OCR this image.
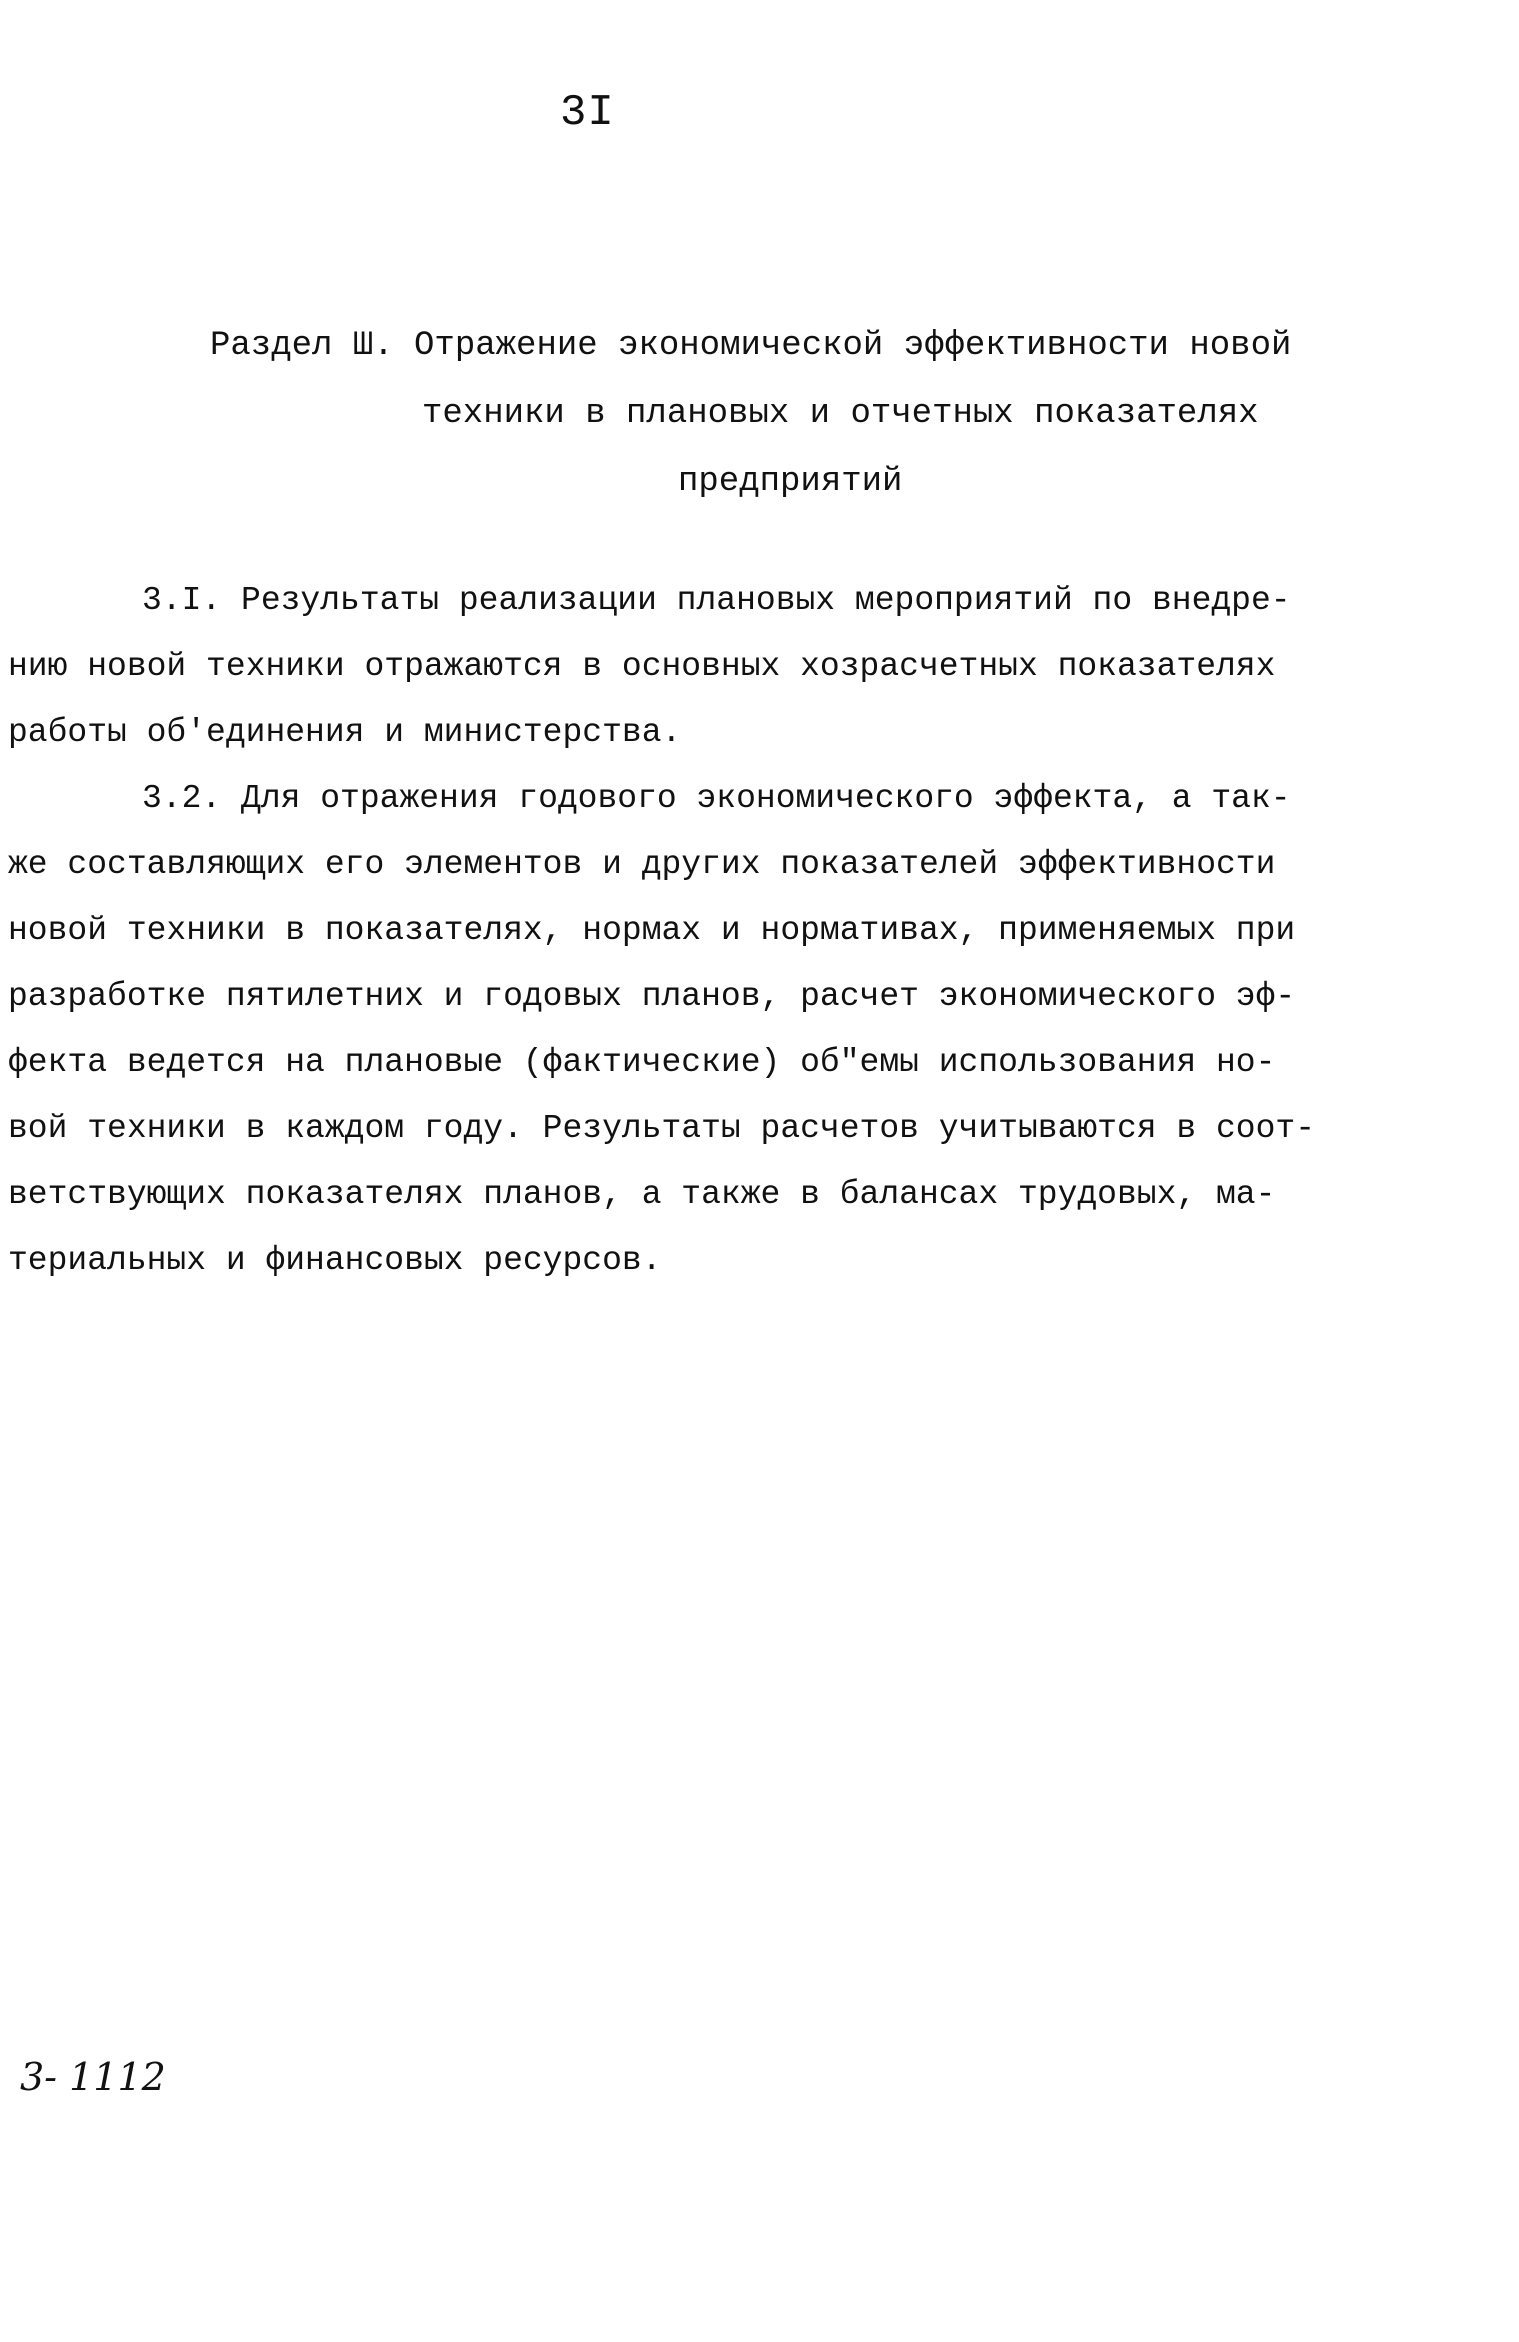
3I
Раздел Ш. Отражение экономической эффективности новой
техники в плановых и отчетных показателях
предприятий
3.I. Результаты реализации плановых мероприятий по внедре-
нию новой техники отражаются в основных хозрасчетных показателях
работы об'единения и министерства.
3.2. Для отражения годового экономического эффекта, а так-
же составляющих его элементов и других показателей эффективности
новой техники в показателях, нормах и нормативах, применяемых при
разработке пятилетних и годовых планов, расчет экономического эф-
фекта ведется на плановые (фактические) об"емы использования но-
вой техники в каждом году. Результаты расчетов учитываются в соот-
ветствующих показателях планов, а также в балансах трудовых, ма-
териальных и финансовых ресурсов.
3- 1112
